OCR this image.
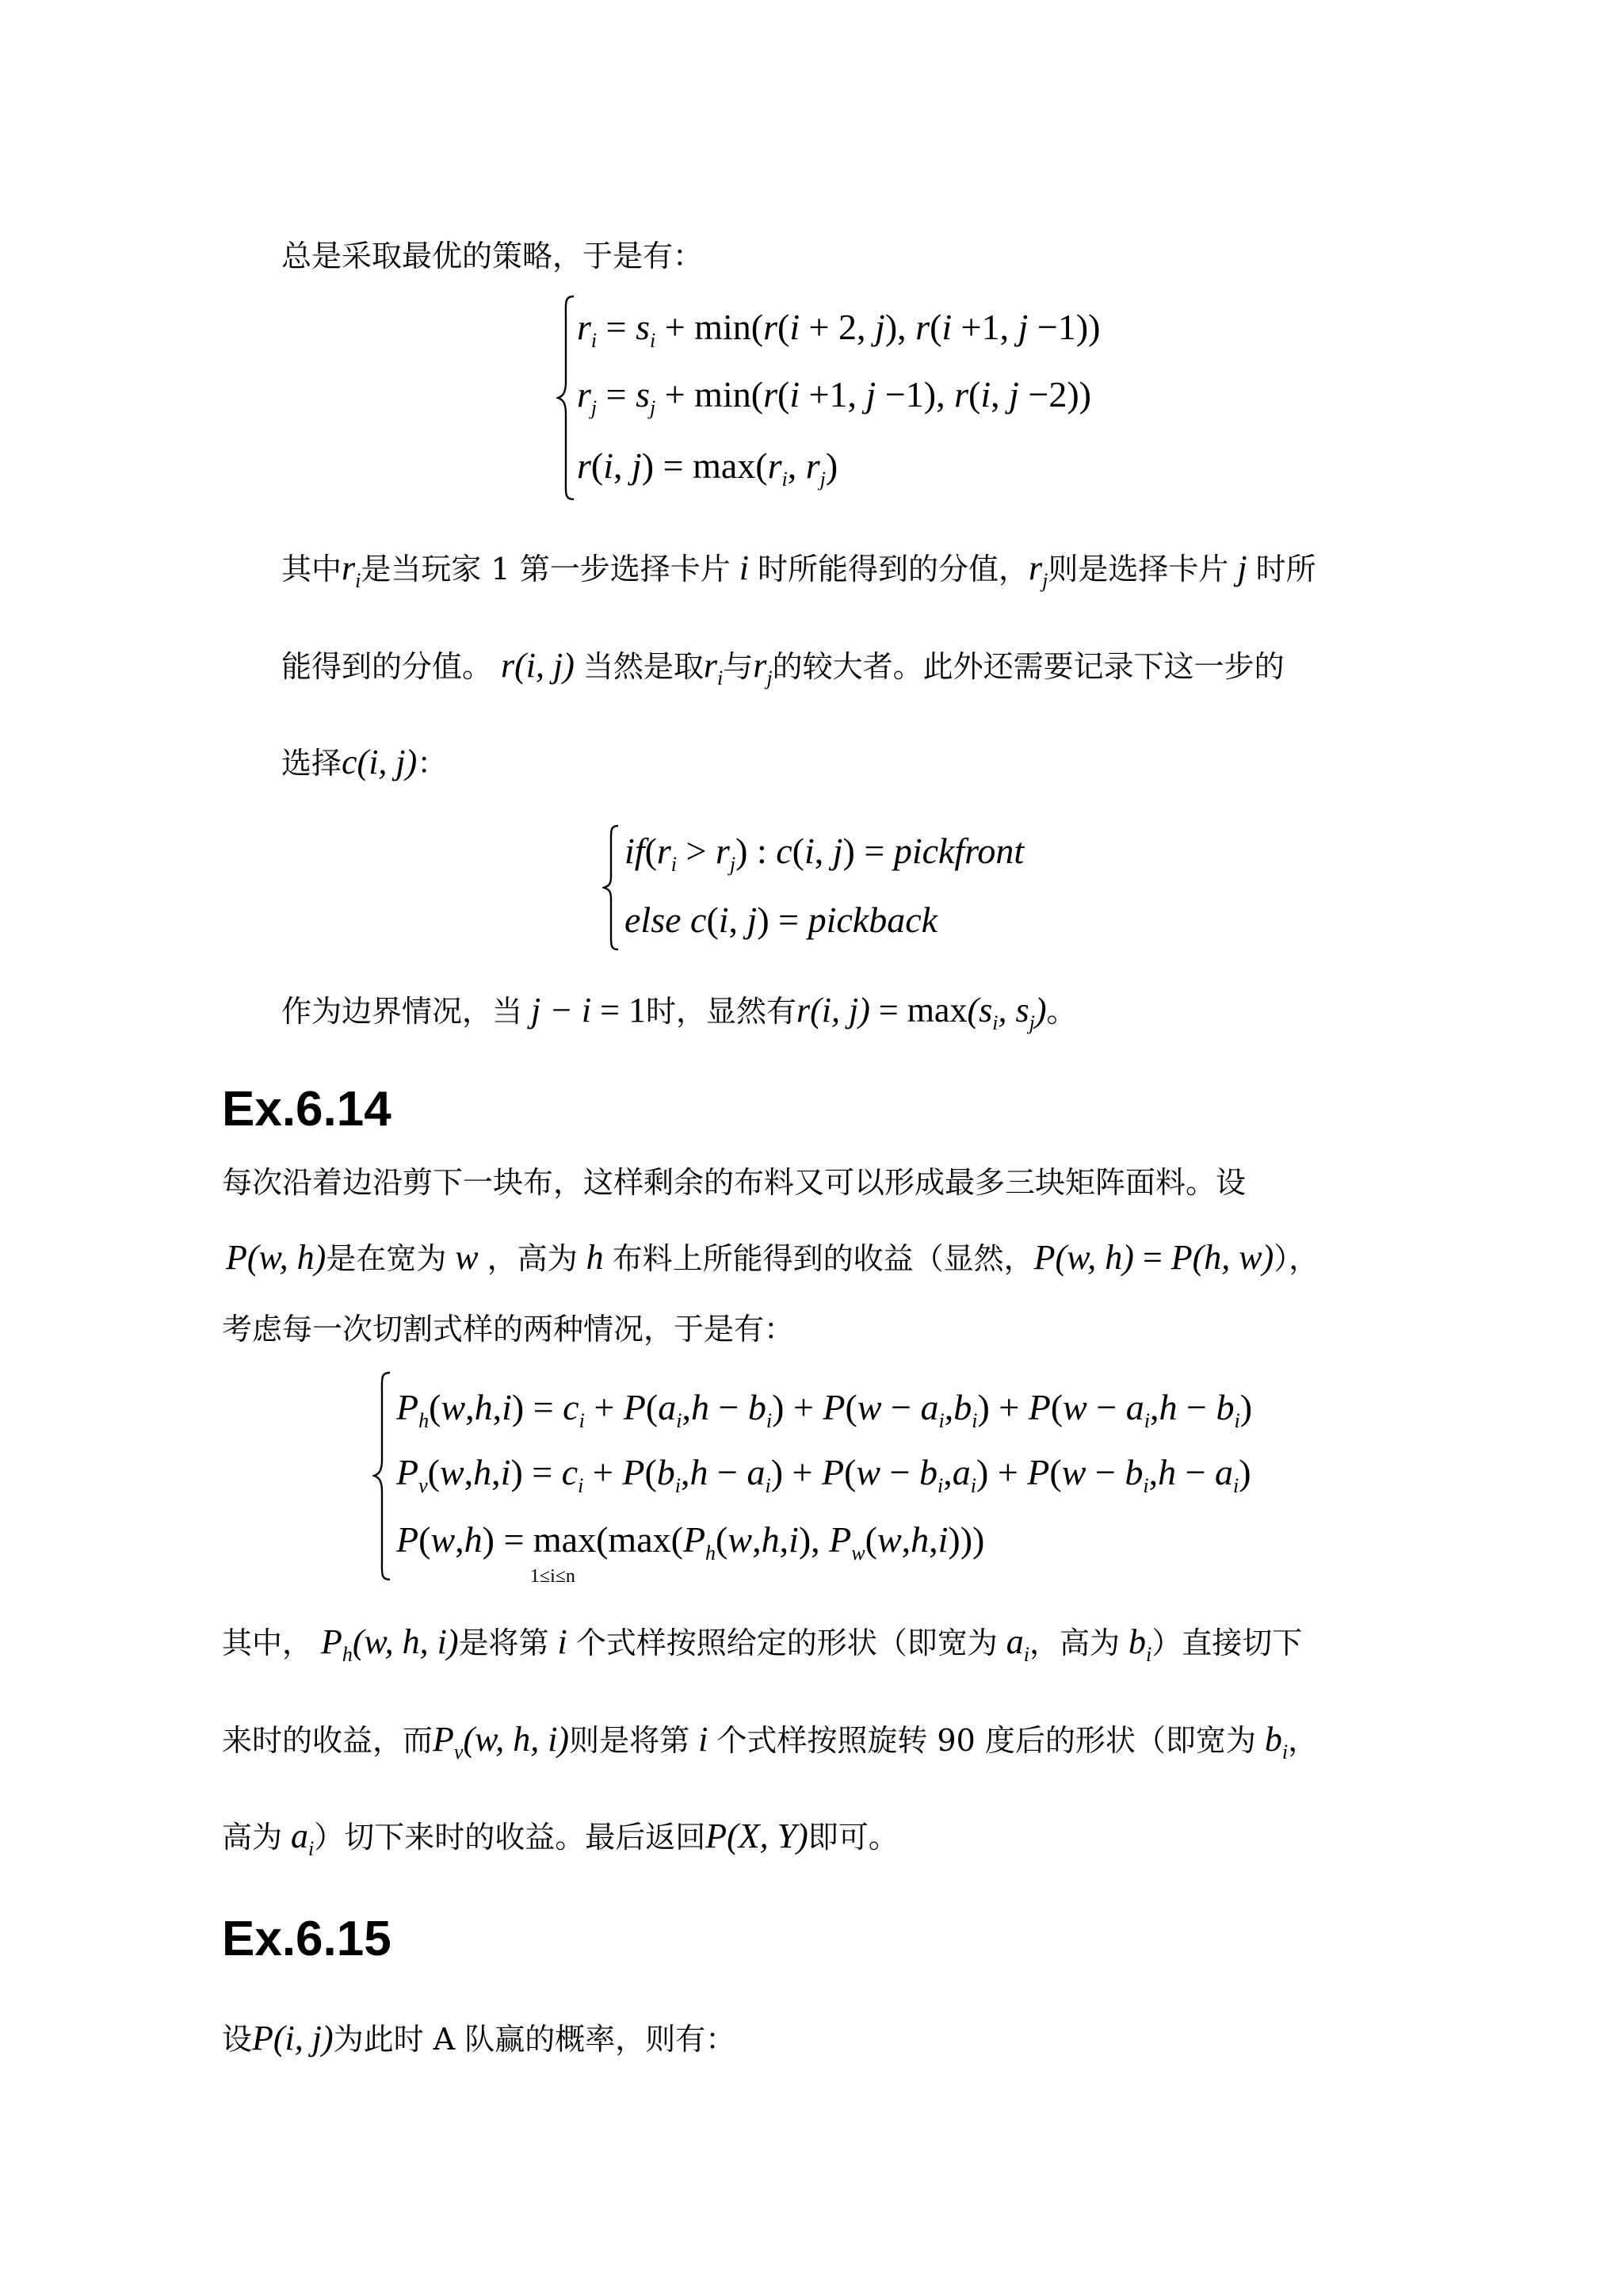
总是采取最优的策略，于是有：
$r_i = s_i + \min(r(i + 2$, j), r(i +1, j −1))
$r_j = s_j + \min(r(i +1$, j −1), r(i, j −2))
r(i, $j) = \max(r_i$, $r_j$)
其中$r_i$是当玩家 1 第一步选择卡片 i 时所能得到的分值，$r_j$则是选择卡片 j 时所
能得到的分值。 r(i, j) 当然是取$r_i$与$r_j$的较大者。此外还需要记录下这一步的
选择c(i, j)：
$if(r_i > r_j)$ : c(i, j) = pickfront
else c(i, j) = pickback
作为边界情况，当 j − i = 1时，显然有r(i, $j) = \max(s_i$, $s_j$)。
Ex.6.14
每次沿着边沿剪下一块布，这样剩余的布料又可以形成最多三块矩阵面料。设
P(w, h)是在宽为 w ，高为 h 布料上所能得到的收益（显然，P(w, h) = P(h, w)），
考虑每一次切割式样的两种情况，于是有：
$P_h(w,h,i) = c_i + P(a_i,h - b_i) + P(w - a_i,b_i) + P(w - a_i,h - b_i)$
$P_v(w,h,i) = c_i + P(b_i,h - a_i) + P(w - b_i,a_i) + P(w - b_i,h - a_i)$
P(w,h) = max
1≤i≤n
($\max(P_h(w,h,i)$, $P_w(w,h,i)$))
其中， $P_h(w$, h, i)是将第 i 个式样按照给定的形状（即宽为 $a_i$，高为 $b_i$）直接切下
来时的收益，而$P_v(w$, h, i)则是将第 i 个式样按照旋转 90 度后的形状（即宽为 $b_i$，
高为 $a_i$）切下来时的收益。最后返回P(X, Y)即可。
Ex.6.15
设P(i, j)为此时 A 队赢的概率，则有：
